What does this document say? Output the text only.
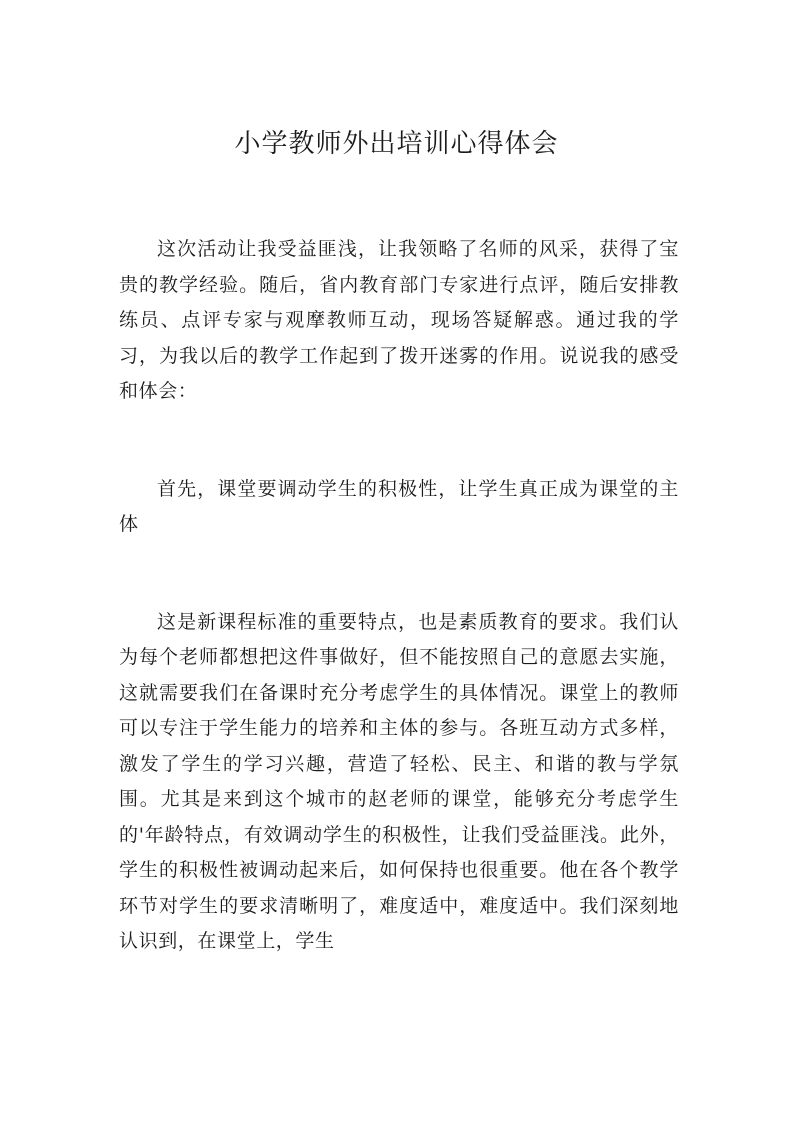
小学教师外出培训心得体会

这次活动让我受益匪浅，让我领略了名师的风采，获得了宝贵的教学经验。随后，省内教育部门专家进行点评，随后安排教练员、点评专家与观摩教师互动，现场答疑解惑。通过我的学习，为我以后的教学工作起到了拨开迷雾的作用。说说我的感受和体会：

首先，课堂要调动学生的积极性，让学生真正成为课堂的主体

这是新课程标准的重要特点，也是素质教育的要求。我们认为每个老师都想把这件事做好，但不能按照自己的意愿去实施，这就需要我们在备课时充分考虑学生的具体情况。课堂上的教师可以专注于学生能力的培养和主体的参与。各班互动方式多样，激发了学生的学习兴趣，营造了轻松、民主、和谐的教与学氛围。尤其是来到这个城市的赵老师的课堂，能够充分考虑学生的'年龄特点，有效调动学生的积极性，让我们受益匪浅。此外，学生的积极性被调动起来后，如何保持也很重要。他在各个教学环节对学生的要求清晰明了，难度适中，难度适中。我们深刻地认识到，在课堂上，学生
